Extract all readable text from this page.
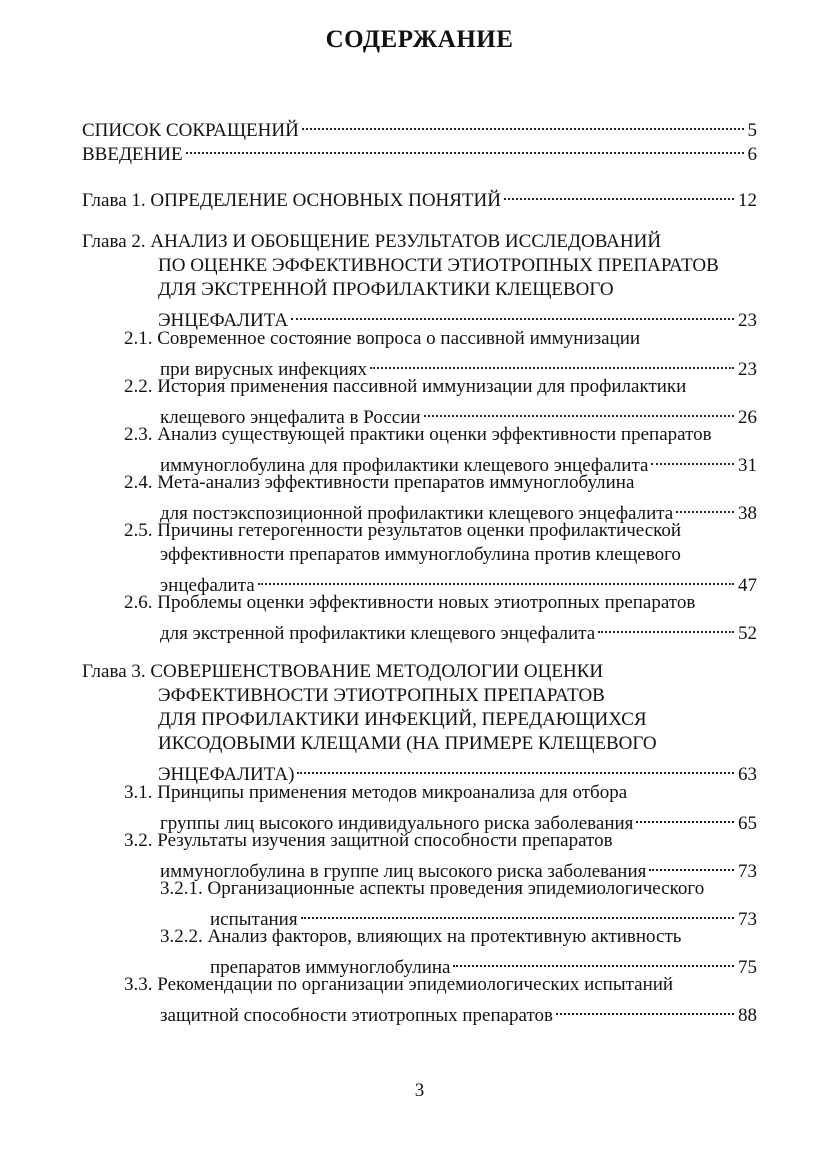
СОДЕРЖАНИЕ
СПИСОК СОКРАЩЕНИЙ	5
ВВЕДЕНИЕ	6
Глава 1. ОПРЕДЕЛЕНИЕ ОСНОВНЫХ ПОНЯТИЙ	12
Глава 2. АНАЛИЗ И ОБОБЩЕНИЕ РЕЗУЛЬТАТОВ ИССЛЕДОВАНИЙ
ПО ОЦЕНКЕ ЭФФЕКТИВНОСТИ ЭТИОТРОПНЫХ ПРЕПАРАТОВ
ДЛЯ ЭКСТРЕННОЙ ПРОФИЛАКТИКИ КЛЕЩЕВОГО
ЭНЦЕФАЛИТА	23
2.1. Современное состояние вопроса о пассивной иммунизации
при вирусных инфекциях	23
2.2. История применения пассивной иммунизации для профилактики
клещевого энцефалита в России	26
2.3. Анализ существующей практики оценки эффективности препаратов
иммуноглобулина для профилактики клещевого энцефалита	31
2.4. Мета-анализ эффективности препаратов иммуноглобулина
для постэкспозиционной профилактики клещевого энцефалита	38
2.5. Причины гетерогенности результатов оценки профилактической
эффективности препаратов иммуноглобулина против клещевого
энцефалита	47
2.6. Проблемы оценки эффективности новых этиотропных препаратов
для экстренной профилактики клещевого энцефалита	52
Глава 3. СОВЕРШЕНСТВОВАНИЕ МЕТОДОЛОГИИ ОЦЕНКИ
ЭФФЕКТИВНОСТИ ЭТИОТРОПНЫХ ПРЕПАРАТОВ
ДЛЯ ПРОФИЛАКТИКИ ИНФЕКЦИЙ, ПЕРЕДАЮЩИХСЯ
ИКСОДОВЫМИ КЛЕЩАМИ (НА ПРИМЕРЕ КЛЕЩЕВОГО
ЭНЦЕФАЛИТА)	63
3.1. Принципы применения методов микроанализа для отбора
группы лиц высокого индивидуального риска заболевания	65
3.2. Результаты изучения защитной способности препаратов
иммуноглобулина в группе лиц высокого риска заболевания	73
3.2.1. Организационные аспекты проведения эпидемиологического
испытания	73
3.2.2. Анализ факторов, влияющих на протективную активность
препаратов иммуноглобулина	75
3.3. Рекомендации по организации эпидемиологических испытаний
защитной способности этиотропных препаратов	88
3
